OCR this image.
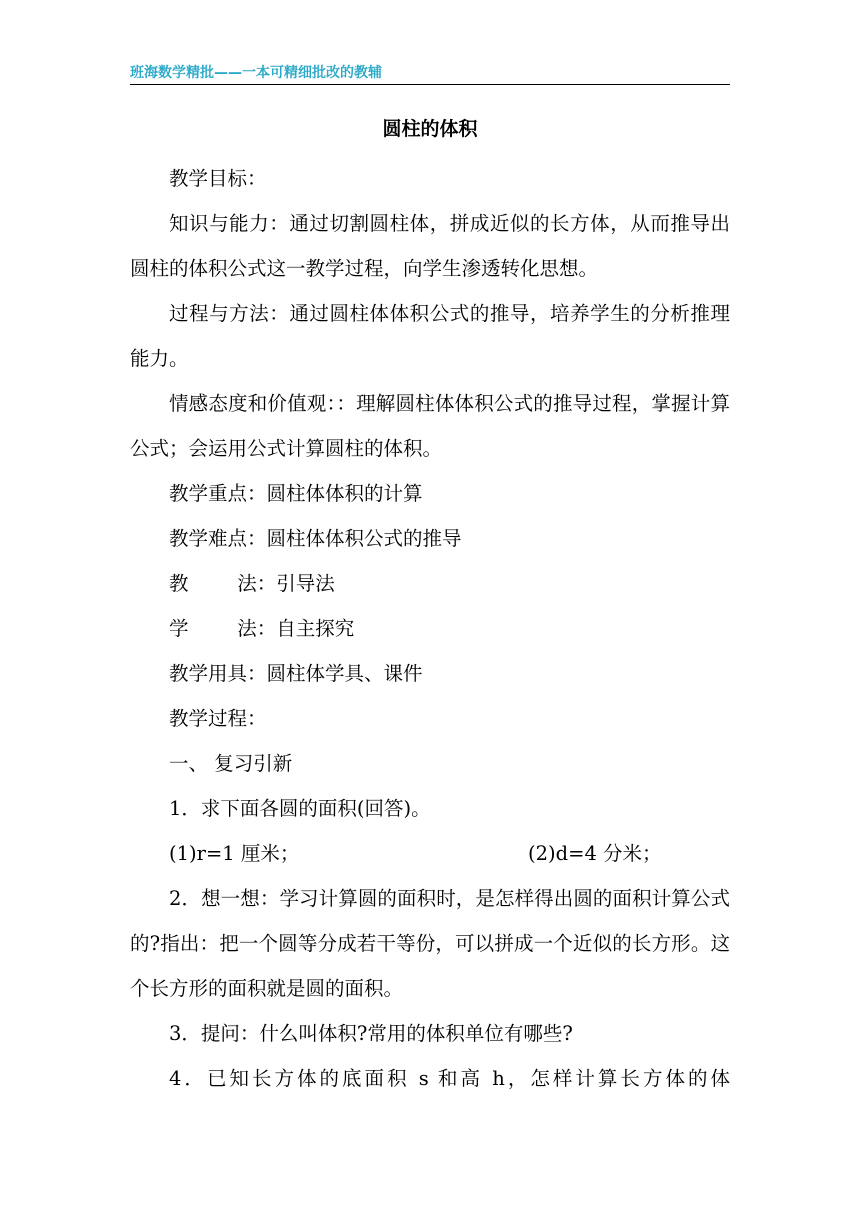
班海数学精批——一本可精细批改的教辅
圆柱的体积

教学目标：

知识与能力：通过切割圆柱体，拼成近似的长方体，从而推导出圆柱的体积公式这一教学过程，向学生渗透转化思想。

过程与方法：通过圆柱体体积公式的推导，培养学生的分析推理能力。

情感态度和价值观：：理解圆柱体体积公式的推导过程，掌握计算公式；会运用公式计算圆柱的体积。

教学重点：圆柱体体积的计算

教学难点：圆柱体体积公式的推导

教	法：引导法

学	法：自主探究

教学用具：圆柱体学具、课件

教学过程：

一、 复习引新

1．求下面各圆的面积(回答)。

(1)r=1 厘米；	(2)d=4 分米；

2．想一想：学习计算圆的面积时，是怎样得出圆的面积计算公式的?指出：把一个圆等分成若干等份，可以拼成一个近似的长方形。这个长方形的面积就是圆的面积。

3．提问：什么叫体积?常用的体积单位有哪些?

4．已知长方体的底面积 s 和高 h，怎样计算长方体的体
